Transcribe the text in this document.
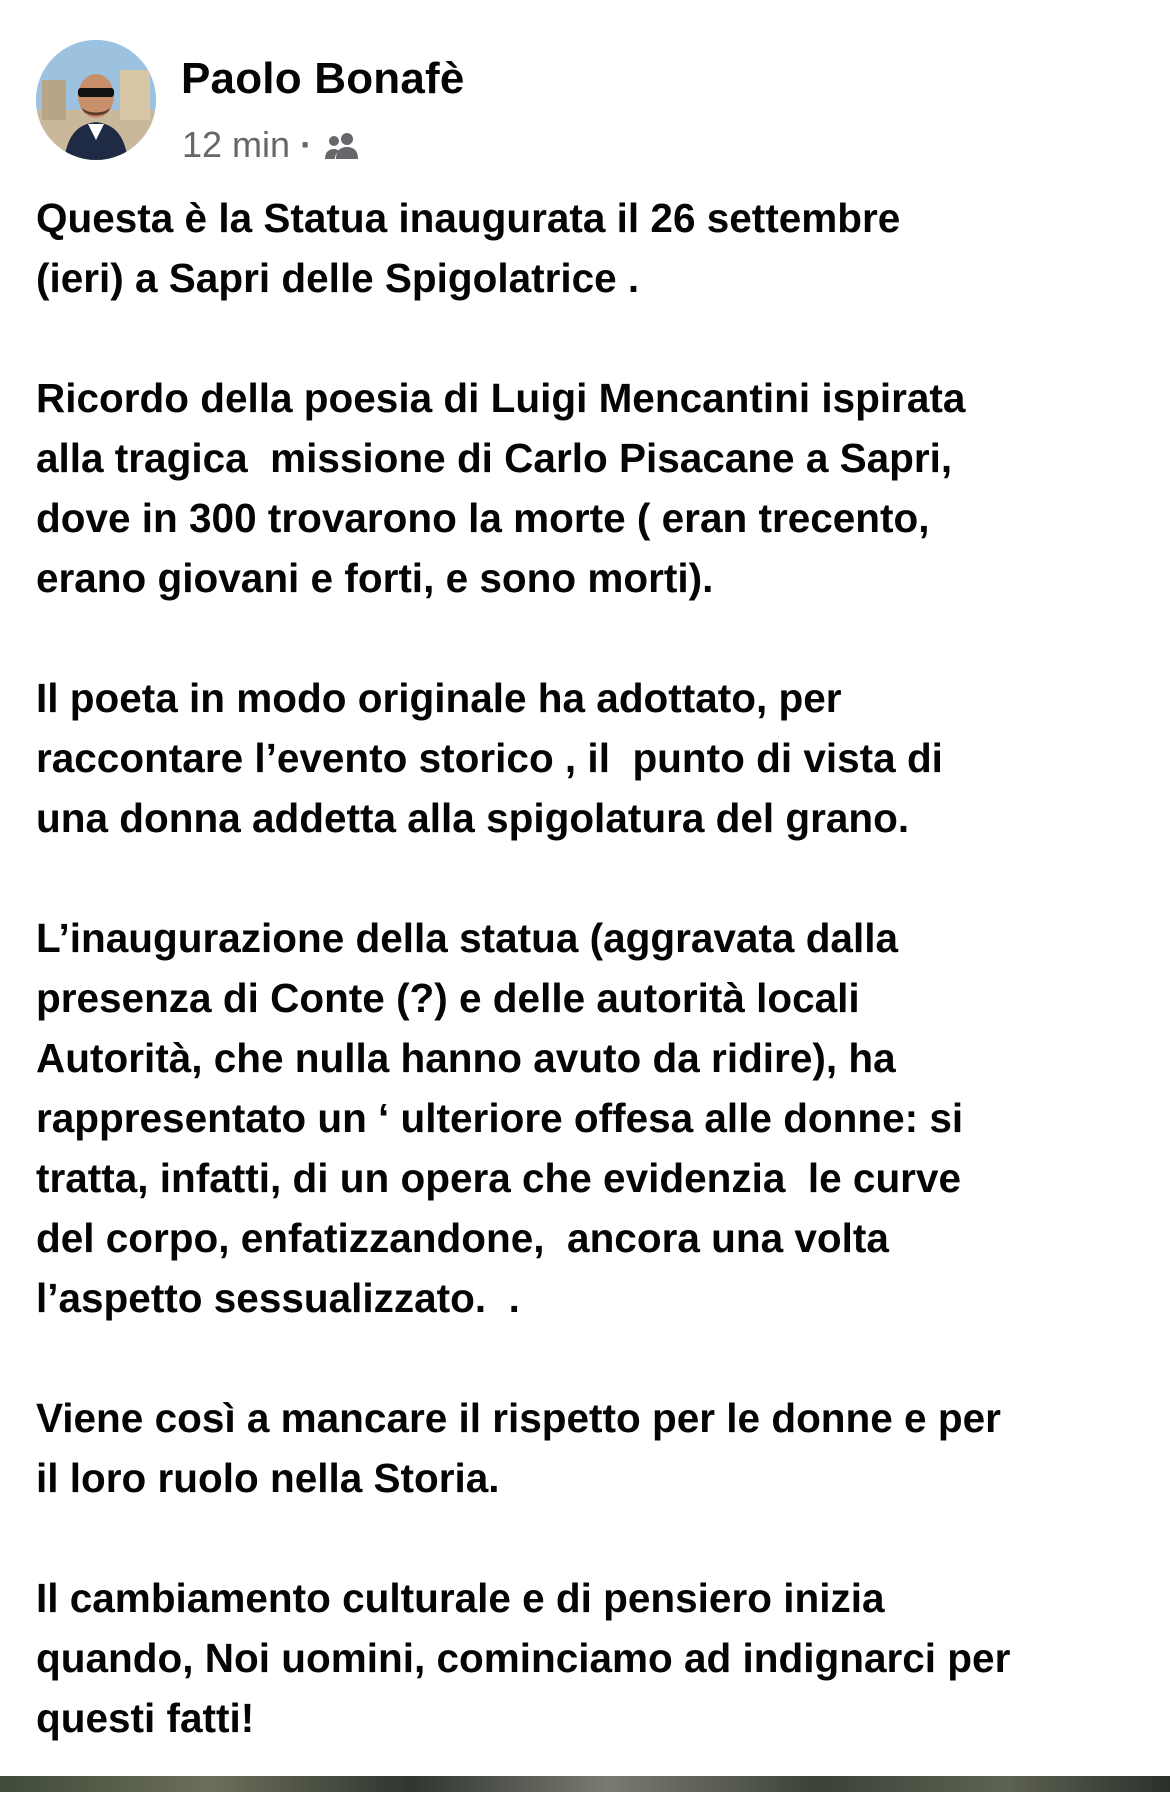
Paolo Bonafè
12 min ·

Questa è la Statua inaugurata il 26 settembre
(ieri) a Sapri delle Spigolatrice .

Ricordo della poesia di Luigi Mencantini ispirata
alla tragica  missione di Carlo Pisacane a Sapri,
dove in 300 trovarono la morte ( eran trecento,
erano giovani e forti, e sono morti).

Il poeta in modo originale ha adottato, per
raccontare l’evento storico , il  punto di vista di
una donna addetta alla spigolatura del grano.

L’inaugurazione della statua (aggravata dalla
presenza di Conte (?) e delle autorità locali
Autorità, che nulla hanno avuto da ridire), ha
rappresentato un ‘ ulteriore offesa alle donne: si
tratta, infatti, di un opera che evidenzia  le curve
del corpo, enfatizzandone,  ancora una volta
l’aspetto sessualizzato.  .

Viene così a mancare il rispetto per le donne e per
il loro ruolo nella Storia.

Il cambiamento culturale e di pensiero inizia
quando, Noi uomini, cominciamo ad indignarci per
questi fatti!
